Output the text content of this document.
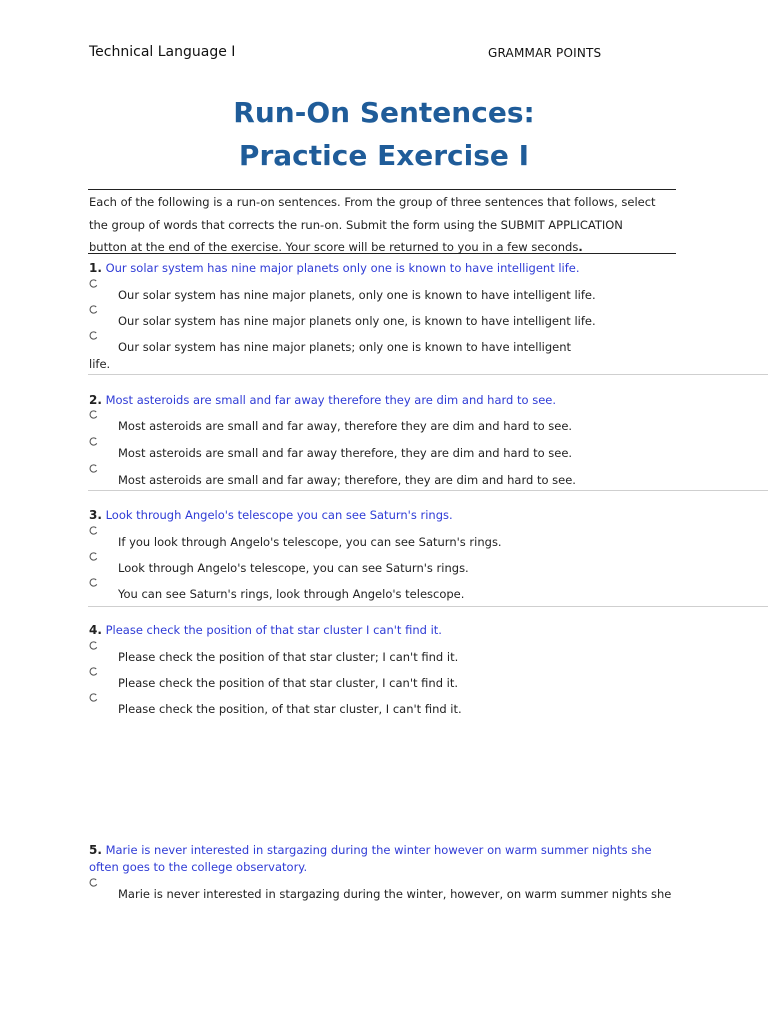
Technical Language I	GRAMMAR POINTS
Run-On Sentences:
Practice Exercise I
Each of the following is a run-on sentences. From the group of three sentences that follows, select
the group of words that corrects the run-on. Submit the form using the SUBMIT APPLICATION
button at the end of the exercise. Your score will be returned to you in a few seconds.
1. Our solar system has nine major planets only one is known to have intelligent life.
Our solar system has nine major planets, only one is known to have intelligent life.
Our solar system has nine major planets only one, is known to have intelligent life.
Our solar system has nine major planets; only one is known to have intelligent
life.
2. Most asteroids are small and far away therefore they are dim and hard to see.
Most asteroids are small and far away, therefore they are dim and hard to see.
Most asteroids are small and far away therefore, they are dim and hard to see.
Most asteroids are small and far away; therefore, they are dim and hard to see.
3. Look through Angelo's telescope you can see Saturn's rings.
If you look through Angelo's telescope, you can see Saturn's rings.
Look through Angelo's telescope, you can see Saturn's rings.
You can see Saturn's rings, look through Angelo's telescope.
4. Please check the position of that star cluster I can't find it.
Please check the position of that star cluster; I can't find it.
Please check the position of that star cluster, I can't find it.
Please check the position, of that star cluster, I can't find it.
5. Marie is never interested in stargazing during the winter however on warm summer nights she
often goes to the college observatory.
Marie is never interested in stargazing during the winter, however, on warm summer nights she
